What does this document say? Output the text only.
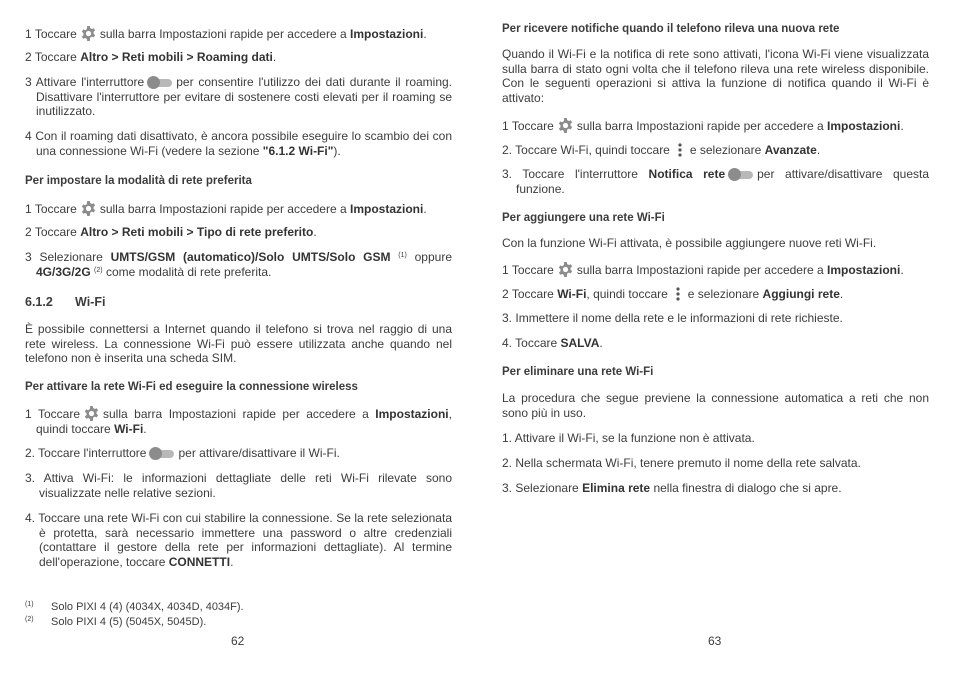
1 Toccare sulla barra Impostazioni rapide per accedere a Impostazioni.

2 Toccare Altro > Reti mobili > Roaming dati.

3 Attivare l'interruttore	per consentire l'utilizzo dei dati durante il roaming. Disattivare l'interruttore per evitare di sostenere costi elevati per il roaming se inutilizzato.

4 Con il roaming dati disattivato, è ancora possibile eseguire lo scambio dei con una connessione Wi-Fi (vedere la sezione "6.1.2 Wi-Fi").

Per impostare la modalità di rete preferita

1 Toccare sulla barra Impostazioni rapide per accedere a Impostazioni.

2 Toccare Altro > Reti mobili > Tipo di rete preferito.

3 Selezionare UMTS/GSM (automatico)/Solo UMTS/Solo GSM $^{(1)}$ oppure 4G/3G/2G $^{(2)}$ come modalità di rete preferita.

6.1.2 Wi-Fi

È possibile connettersi a Internet quando il telefono si trova nel raggio di una rete wireless. La connessione Wi-Fi può essere utilizzata anche quando nel telefono non è inserita una scheda SIM.

Per attivare la rete Wi-Fi ed eseguire la connessione wireless

1 Toccare sulla barra Impostazioni rapide per accedere a Impostazioni, quindi toccare Wi-Fi.

2. Toccare l'interruttore	per attivare/disattivare il Wi-Fi.

3. Attiva Wi-Fi: le informazioni dettagliate delle reti Wi-Fi rilevate sono visualizzate nelle relative sezioni.

4. Toccare una rete Wi-Fi con cui stabilire la connessione. Se la rete selezionata è protetta, sarà necessario immettere una password o altre credenziali (contattare il gestore della rete per informazioni dettagliate). Al termine dell'operazione, toccare CONNETTI.

(1) Solo PIXI 4 (4) (4034X, 4034D, 4034F).
(2) Solo PIXI 4 (5) (5045X, 5045D).
62
Per ricevere notifiche quando il telefono rileva una nuova rete

Quando il Wi-Fi e la notifica di rete sono attivati, l'icona Wi-Fi viene visualizzata sulla barra di stato ogni volta che il telefono rileva una rete wireless disponibile. Con le seguenti operazioni si attiva la funzione di notifica quando il Wi-Fi è attivato:

1 Toccare sulla barra Impostazioni rapide per accedere a Impostazioni.

2. Toccare Wi-Fi, quindi toccare e selezionare Avanzate.

3. Toccare l'interruttore Notifica rete	per attivare/disattivare questa funzione.

Per aggiungere una rete Wi-Fi

Con la funzione Wi-Fi attivata, è possibile aggiungere nuove reti Wi-Fi.

1 Toccare sulla barra Impostazioni rapide per accedere a Impostazioni.

2 Toccare Wi-Fi, quindi toccare e selezionare Aggiungi rete.

3. Immettere il nome della rete e le informazioni di rete richieste.

4. Toccare SALVA.

Per eliminare una rete Wi-Fi

La procedura che segue previene la connessione automatica a reti che non sono più in uso.

1. Attivare il Wi-Fi, se la funzione non è attivata.

2. Nella schermata Wi-Fi, tenere premuto il nome della rete salvata.

3. Selezionare Elimina rete nella finestra di dialogo che si apre.

63
